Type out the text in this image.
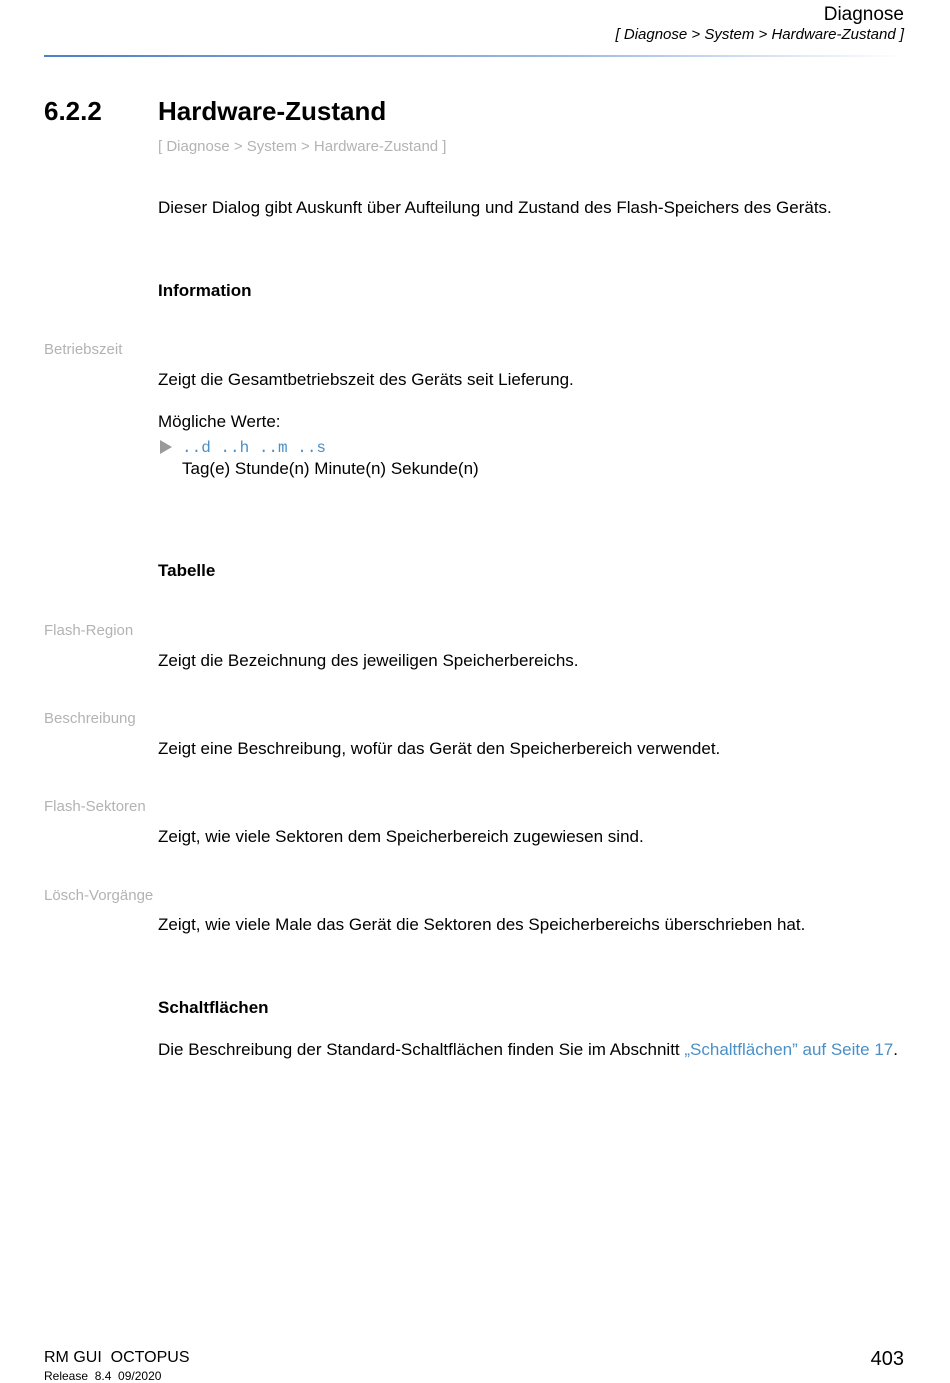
Diagnose
[ Diagnose > System > Hardware-Zustand ]
6.2.2 Hardware-Zustand
[ Diagnose > System > Hardware-Zustand ]
Dieser Dialog gibt Auskunft über Aufteilung und Zustand des Flash-Speichers des Geräts.
Information
Betriebszeit
Zeigt die Gesamtbetriebszeit des Geräts seit Lieferung.
Mögliche Werte:
..d ..h ..m ..s
Tag(e) Stunde(n) Minute(n) Sekunde(n)
Tabelle
Flash-Region
Zeigt die Bezeichnung des jeweiligen Speicherbereichs.
Beschreibung
Zeigt eine Beschreibung, wofür das Gerät den Speicherbereich verwendet.
Flash-Sektoren
Zeigt, wie viele Sektoren dem Speicherbereich zugewiesen sind.
Lösch-Vorgänge
Zeigt, wie viele Male das Gerät die Sektoren des Speicherbereichs überschrieben hat.
Schaltflächen
Die Beschreibung der Standard-Schaltflächen finden Sie im Abschnitt „Schaltflächen” auf Seite 17.
RM GUI  OCTOPUS
Release  8.4  09/2020
403
